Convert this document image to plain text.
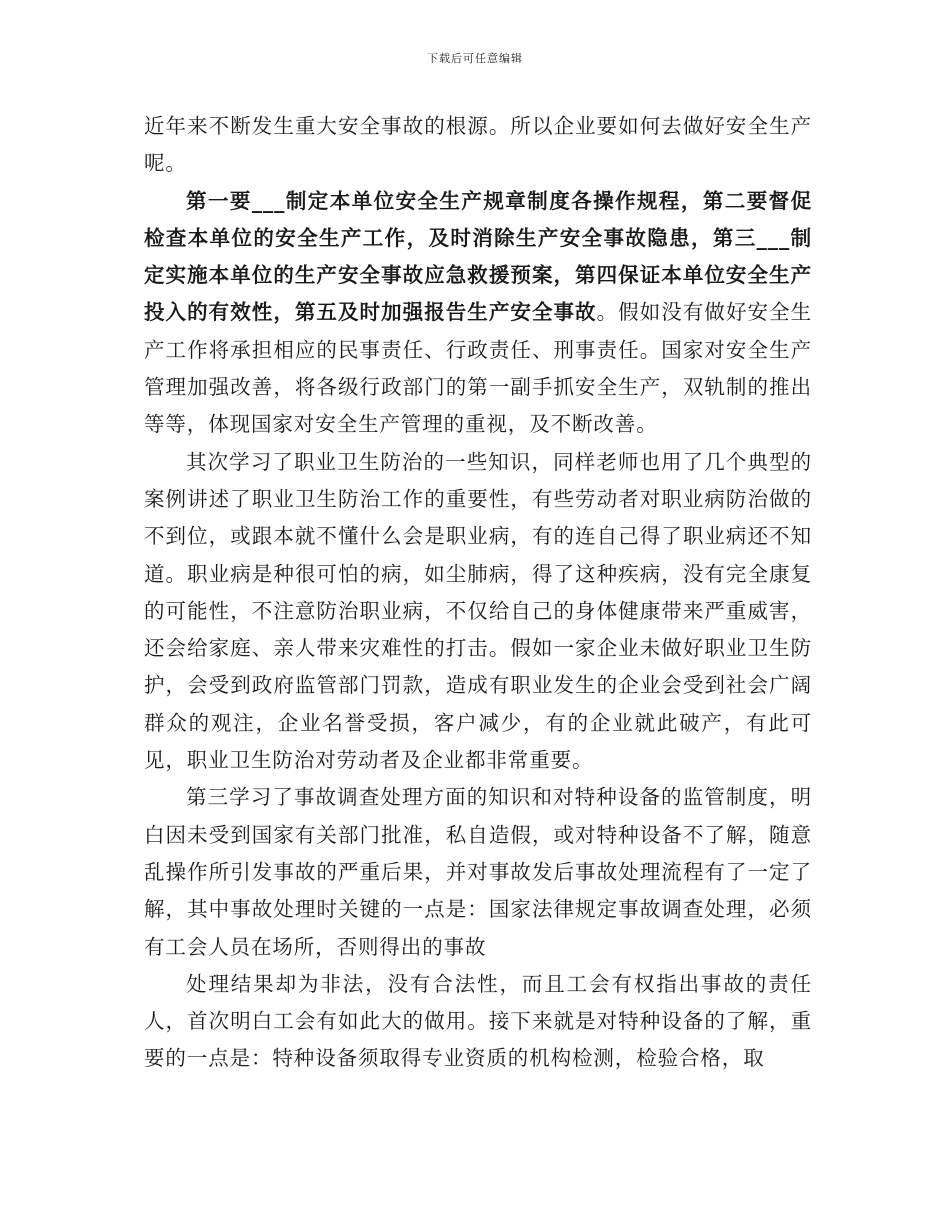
下载后可任意编辑

近年来不断发生重大安全事故的根源。所以企业要如何去做好安全生产呢。

第一要___制定本单位安全生产规章制度各操作规程，第二要督促检查本单位的安全生产工作，及时消除生产安全事故隐患，第三___制定实施本单位的生产安全事故应急救援预案，第四保证本单位安全生产投入的有效性，第五及时加强报告生产安全事故。假如没有做好安全生产工作将承担相应的民事责任、行政责任、刑事责任。国家对安全生产管理加强改善，将各级行政部门的第一副手抓安全生产，双轨制的推出等等，体现国家对安全生产管理的重视，及不断改善。

其次学习了职业卫生防治的一些知识，同样老师也用了几个典型的案例讲述了职业卫生防治工作的重要性，有些劳动者对职业病防治做的不到位，或跟本就不懂什么会是职业病，有的连自己得了职业病还不知道。职业病是种很可怕的病，如尘肺病，得了这种疾病，没有完全康复的可能性，不注意防治职业病，不仅给自己的身体健康带来严重威害，还会给家庭、亲人带来灾难性的打击。假如一家企业未做好职业卫生防护，会受到政府监管部门罚款，造成有职业发生的企业会受到社会广阔群众的观注，企业名誉受损，客户减少，有的企业就此破产，有此可见，职业卫生防治对劳动者及企业都非常重要。

第三学习了事故调查处理方面的知识和对特种设备的监管制度，明白因未受到国家有关部门批准，私自造假，或对特种设备不了解，随意乱操作所引发事故的严重后果，并对事故发后事故处理流程有了一定了解，其中事故处理时关键的一点是：国家法律规定事故调查处理，必须有工会人员在场所，否则得出的事故

处理结果却为非法，没有合法性，而且工会有权指出事故的责任人，首次明白工会有如此大的做用。接下来就是对特种设备的了解，重要的一点是：特种设备须取得专业资质的机构检测，检验合格，取
